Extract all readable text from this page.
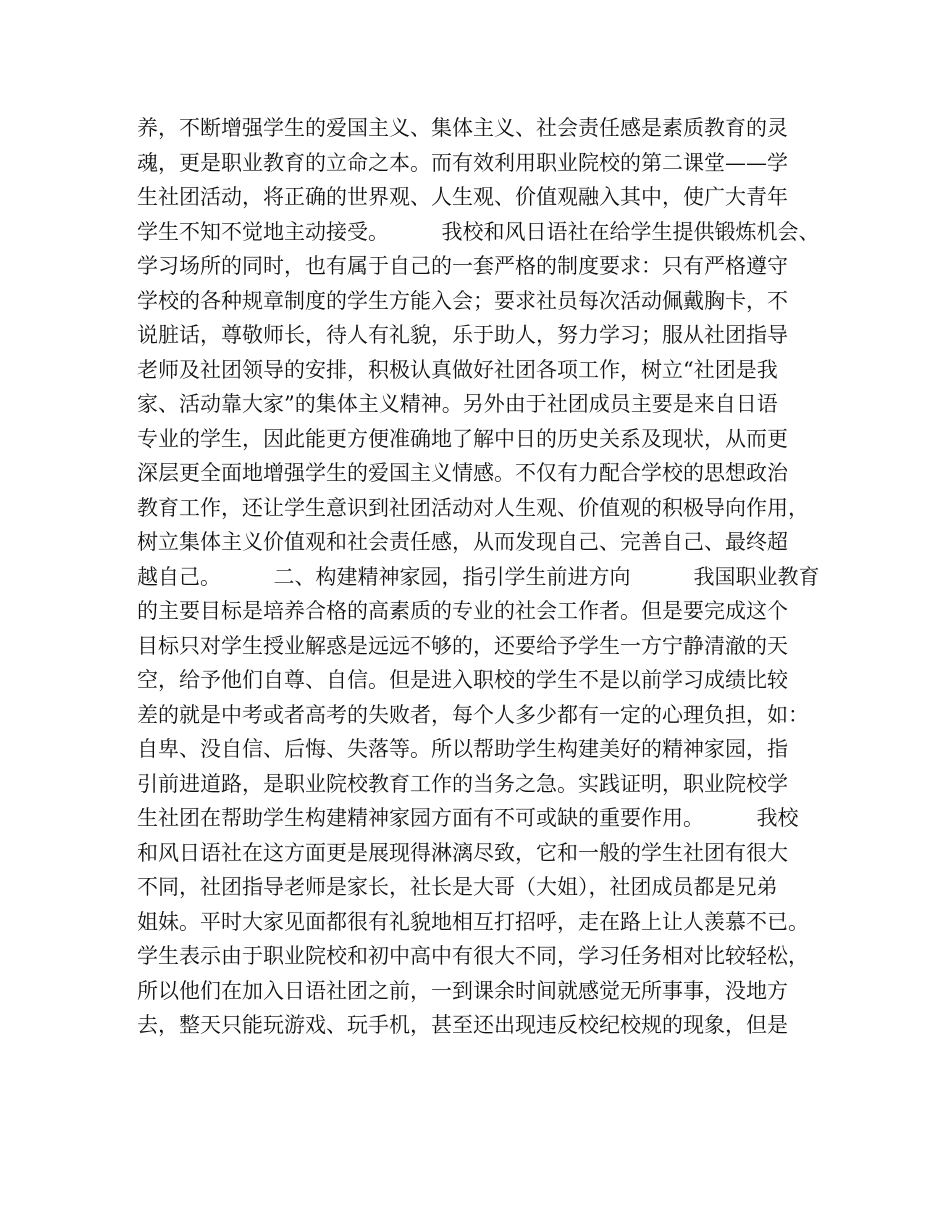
养，不断增强学生的爱国主义、集体主义、社会责任感是素质教育的灵
魂，更是职业教育的立命之本。而有效利用职业院校的第二课堂——学
生社团活动，将正确的世界观、人生观、价值观融入其中，使广大青年
学生不知不觉地主动接受。　　　我校和风日语社在给学生提供锻炼机会、
学习场所的同时，也有属于自己的一套严格的制度要求：只有严格遵守
学校的各种规章制度的学生方能入会；要求社员每次活动佩戴胸卡，不
说脏话，尊敬师长，待人有礼貌，乐于助人，努力学习；服从社团指导
老师及社团领导的安排，积极认真做好社团各项工作，树立“社团是我
家、活动靠大家”的集体主义精神。另外由于社团成员主要是来自日语
专业的学生，因此能更方便准确地了解中日的历史关系及现状，从而更
深层更全面地增强学生的爱国主义情感。不仅有力配合学校的思想政治
教育工作，还让学生意识到社团活动对人生观、价值观的积极导向作用，
树立集体主义价值观和社会责任感，从而发现自己、完善自己、最终超
越自己。　　　二、构建精神家园，指引学生前进方向　　　我国职业教育
的主要目标是培养合格的高素质的专业的社会工作者。但是要完成这个
目标只对学生授业解惑是远远不够的，还要给予学生一方宁静清澈的天
空，给予他们自尊、自信。但是进入职校的学生不是以前学习成绩比较
差的就是中考或者高考的失败者，每个人多少都有一定的心理负担，如：
自卑、没自信、后悔、失落等。所以帮助学生构建美好的精神家园，指
引前进道路，是职业院校教育工作的当务之急。实践证明，职业院校学
生社团在帮助学生构建精神家园方面有不可或缺的重要作用。　　　我校
和风日语社在这方面更是展现得淋漓尽致，它和一般的学生社团有很大
不同，社团指导老师是家长，社长是大哥（大姐），社团成员都是兄弟
姐妹。平时大家见面都很有礼貌地相互打招呼，走在路上让人羡慕不已。
学生表示由于职业院校和初中高中有很大不同，学习任务相对比较轻松，
所以他们在加入日语社团之前，一到课余时间就感觉无所事事，没地方
去，整天只能玩游戏、玩手机，甚至还出现违反校纪校规的现象，但是
